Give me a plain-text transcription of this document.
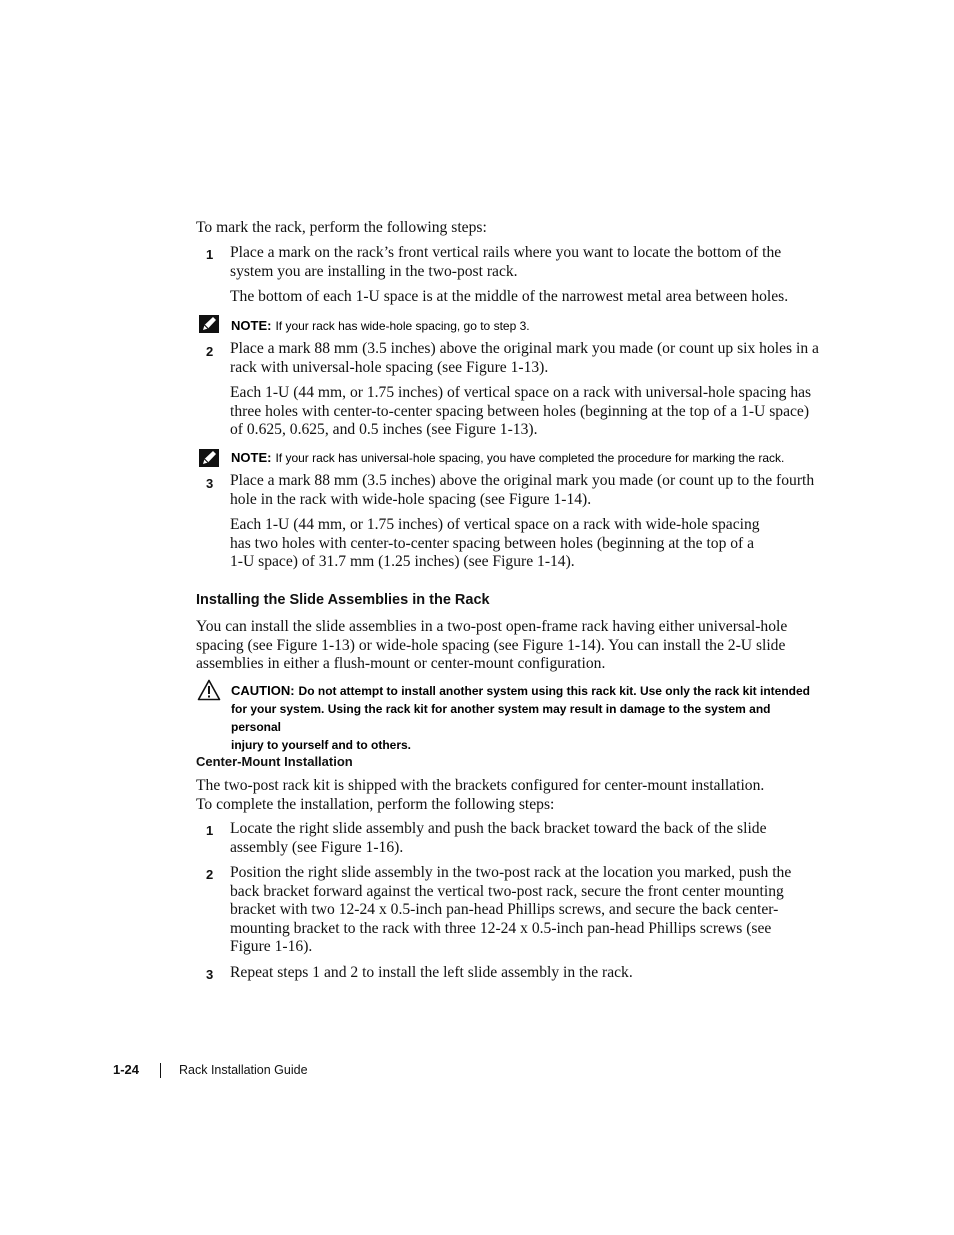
To mark the rack, perform the following steps:

1 Place a mark on the rack’s front vertical rails where you want to locate the bottom of the system you are installing in the two-post rack.

The bottom of each 1-U space is at the middle of the narrowest metal area between holes.

NOTE: If your rack has wide-hole spacing, go to step 3.
2 Place a mark 88 mm (3.5 inches) above the original mark you made (or count up six holes in a rack with universal-hole spacing (see Figure 1-13).

Each 1-U (44 mm, or 1.75 inches) of vertical space on a rack with universal-hole spacing has three holes with center-to-center spacing between holes (beginning at the top of a 1-U space) of 0.625, 0.625, and 0.5 inches (see Figure 1-13).

NOTE: If your rack has universal-hole spacing, you have completed the procedure for marking the rack.
3 Place a mark 88 mm (3.5 inches) above the original mark you made (or count up to the fourth hole in the rack with wide-hole spacing (see Figure 1-14).

Each 1-U (44 mm, or 1.75 inches) of vertical space on a rack with wide-hole spacing has two holes with center-to-center spacing between holes (beginning at the top of a 1-U space) of 31.7 mm (1.25 inches) (see Figure 1-14).

Installing the Slide Assemblies in the Rack

You can install the slide assemblies in a two-post open-frame rack having either universal-hole spacing (see Figure 1-13) or wide-hole spacing (see Figure 1-14). You can install the 2-U slide assemblies in either a flush-mount or center-mount configuration.

CAUTION: Do not attempt to install another system using this rack kit. Use only the rack kit intended
for your system. Using the rack kit for another system may result in damage to the system and personal
injury to yourself and to others.
Center-Mount Installation

The two-post rack kit is shipped with the brackets configured for center-mount installation.

To complete the installation, perform the following steps:

1 Locate the right slide assembly and push the back bracket toward the back of the slide assembly (see Figure 1-16).

2 Position the right slide assembly in the two-post rack at the location you marked, push the back bracket forward against the vertical two-post rack, secure the front center mounting bracket with two 12-24 x 0.5-inch pan-head Phillips screws, and secure the back center-mounting bracket to the rack with three 12-24 x 0.5-inch pan-head Phillips screws (see Figure 1-16).

3 Repeat steps 1 and 2 to install the left slide assembly in the rack.

1-24	Rack Installation Guide
